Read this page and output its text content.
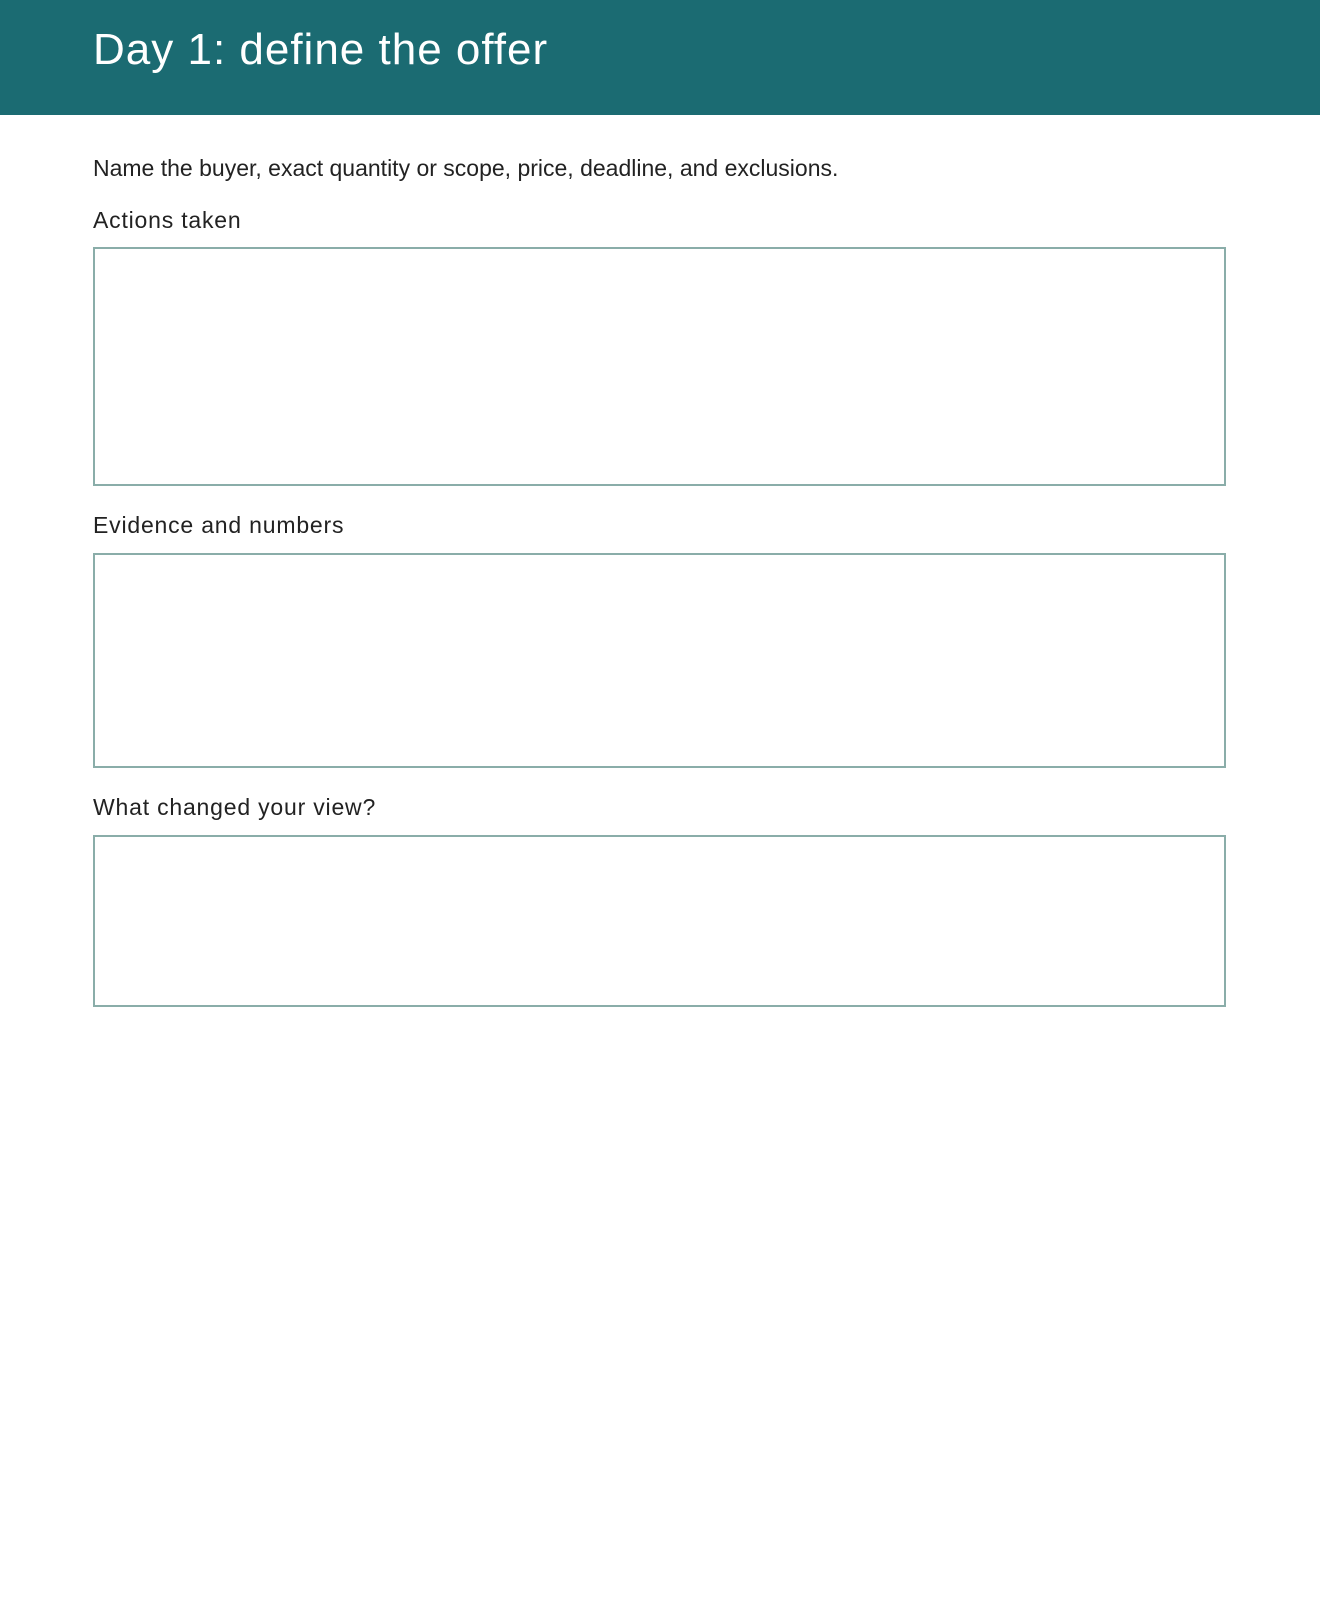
Day 1: define the offer
Name the buyer, exact quantity or scope, price, deadline, and exclusions.
Actions taken
Evidence and numbers
What changed your view?
